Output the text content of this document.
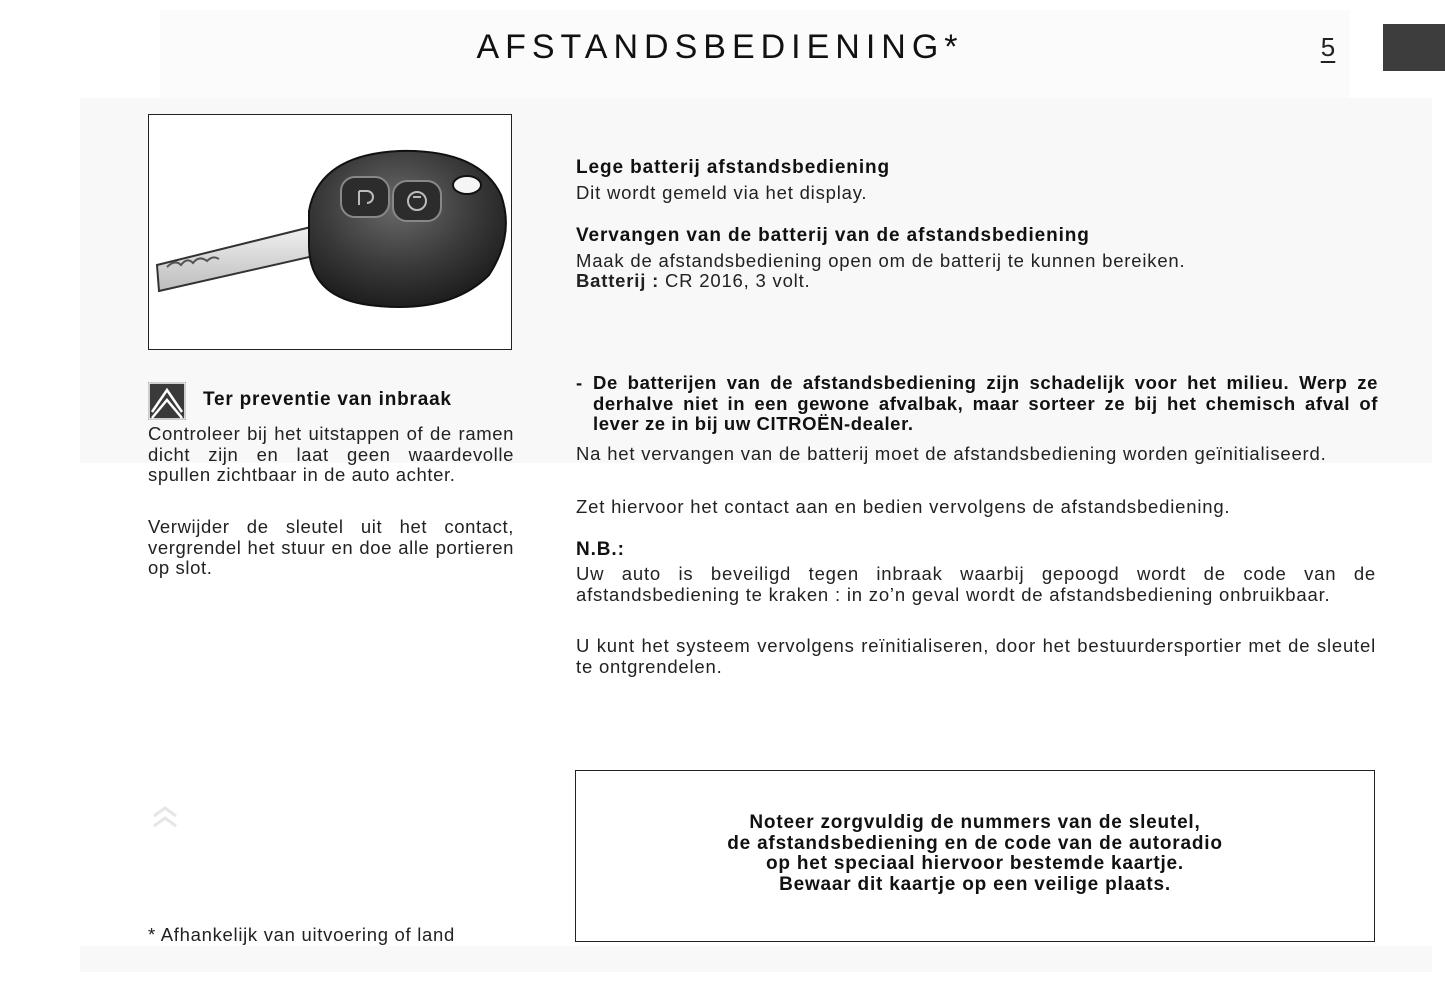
AFSTANDSBEDIENING*	5
Ter preventie van inbraak

Controleer bij het uitstappen of de ramen dicht zijn en laat geen waardevolle spullen zichtbaar in de auto achter.

Verwijder de sleutel uit het contact, vergrendel het stuur en doe alle portieren op slot.

* Afhankelijk van uitvoering of land
Lege batterij afstandsbediening

Dit wordt gemeld via het display.

Vervangen van de batterij van de afstandsbediening

Maak de afstandsbediening open om de batterij te kunnen bereiken.

Batterij : CR 2016, 3 volt.

- De batterijen van de afstandsbediening zijn schadelijk voor het milieu. Werp ze derhalve niet in een gewone afvalbak, maar sorteer ze bij het chemisch afval of lever ze in bij uw CITROËN-dealer.

Na het vervangen van de batterij moet de afstandsbediening worden geïnitialiseerd.

Zet hiervoor het contact aan en bedien vervolgens de afstandsbediening.

N.B.:

Uw auto is beveiligd tegen inbraak waarbij gepoogd wordt de code van de afstandsbediening te kraken : in zo’n geval wordt de afstandsbediening onbruikbaar.

U kunt het systeem vervolgens reïnitialiseren, door het bestuurdersportier met de sleutel te ontgrendelen.

Noteer zorgvuldig de nummers van de sleutel,
de afstandsbediening en de code van de autoradio
op het speciaal hiervoor bestemde kaartje.
Bewaar dit kaartje op een veilige plaats.
